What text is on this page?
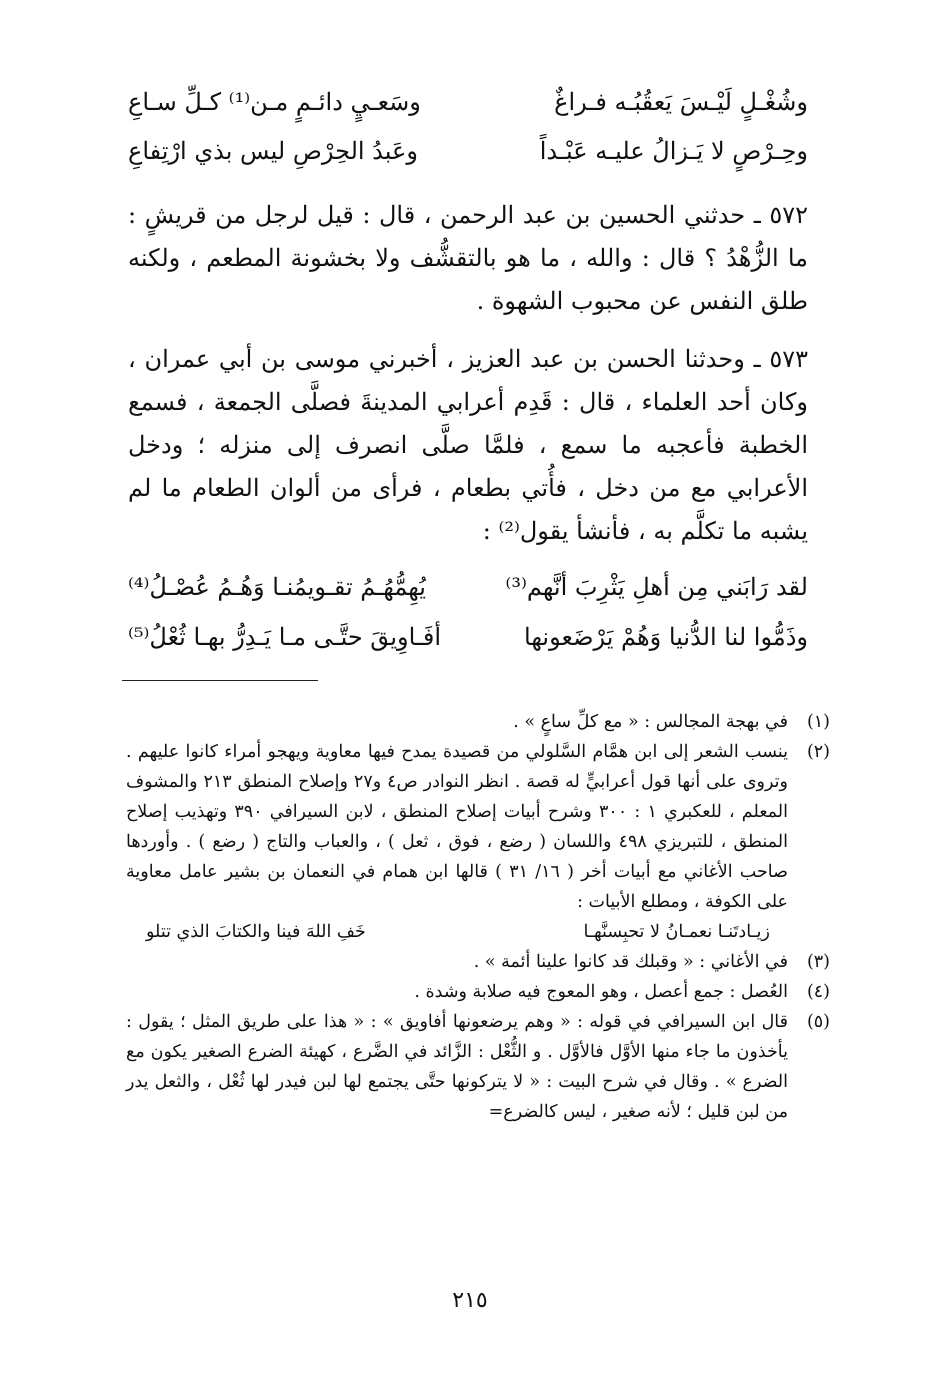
وشُغْـلٍ لَيْـسَ يَعقُبُـه فـراغٌ
وسَعـيٍ دائـمٍ مـن⁽¹⁾ كـلِّ سـاعِ
وحِـرْصٍ لا يَـزالُ عليـه عَبْـداً
وعَبدُ الحِرْصِ ليس بذي ارْتِفاعِ

٥٧٢ ـ حدثني الحسين بن عبد الرحمن ، قال : قيل لرجل من قريشٍ : ما الزُّهْدُ ؟ قال : والله ، ما هو بالتقشُّف ولا بخشونة المطعم ، ولكنه طلق النفس عن محبوب الشهوة .

٥٧٣ ـ وحدثنا الحسن بن عبد العزيز ، أخبرني موسى بن أبي عمران ، وكان أحد العلماء ، قال : قَدِم أعرابي المدينةَ فصلَّى الجمعة ، فسمع الخطبة فأعجبه ما سمع ، فلمَّا صلَّى انصرف إلى منزله ؛ ودخل الأعرابي مع من دخل ، فأُتي بطعام ، فرأى من ألوان الطعام ما لم يشبه ما تكلَّم به ، فأنشأ يقول⁽²⁾ :

لقد رَابَني مِن أهلِ يَثْرِبَ أنَّهم⁽³⁾
يُهِمُّهُـمُ تقـويمُنـا وَهُـمُ عُصْـلُ⁽⁴⁾
وذَمُّوا لنا الدُّنيا وَهُمْ يَرْضَعونها
أفَـاوِيقَ حتَّـى مـا يَـدِرُّ بهـا ثُعْلُ⁽⁵⁾
(١)
في بهجة المجالس : « مع كلِّ ساعٍ » .
(٢)
ينسب الشعر إلى ابن همَّام السَّلولي من قصيدة يمدح فيها معاوية ويهجو أمراء كانوا عليهم . وتروى على أنها قول أعرابيٍّ له قصة . انظر النوادر ص٤ و٢٧ وإصلاح المنطق ٢١٣ والمشوف المعلم ، للعكبري ١ : ٣٠٠ وشرح أبيات إصلاح المنطق ، لابن السيرافي ٣٩٠ وتهذيب إصلاح المنطق ، للتبريزي ٤٩٨ واللسان ( رضع ، فوق ، ثعل ) ، والعباب والتاج ( رضع ) . وأوردها صاحب الأغاني مع أبيات أخر ( ١٦/ ٣١ ) قالها ابن همام في النعمان بن بشير عامل معاوية على الكوفة ، ومطلع الأبيات :
زيـادتَنـا نعمـانُ لا تحبِسنَّهـا
خَفِ اللهَ فينا والكتابَ الذي تتلو
(٣)
في الأغاني : « وقبلك قد كانوا علينا أئمة » .
(٤)
العُصل : جمع أعصل ، وهو المعوج فيه صلابة وشدة .
(٥)
قال ابن السيرافي في قوله : « وهم يرضعونها أفاويق » : « هذا على طريق المثل ؛ يقول : يأخذون ما جاء منها الأوَّل فالأوَّل . و الثُّعْل : الزَّائد في الضَّرع ، كهيئة الضرع الصغير يكون مع الضرع » . وقال في شرح البيت : « لا يتركونها حتَّى يجتمع لها لبن فيدر لها ثُعْل ، والثعل يدر من لبن قليل ؛ لأنه صغير ، ليس كالضرع=
٢١٥
